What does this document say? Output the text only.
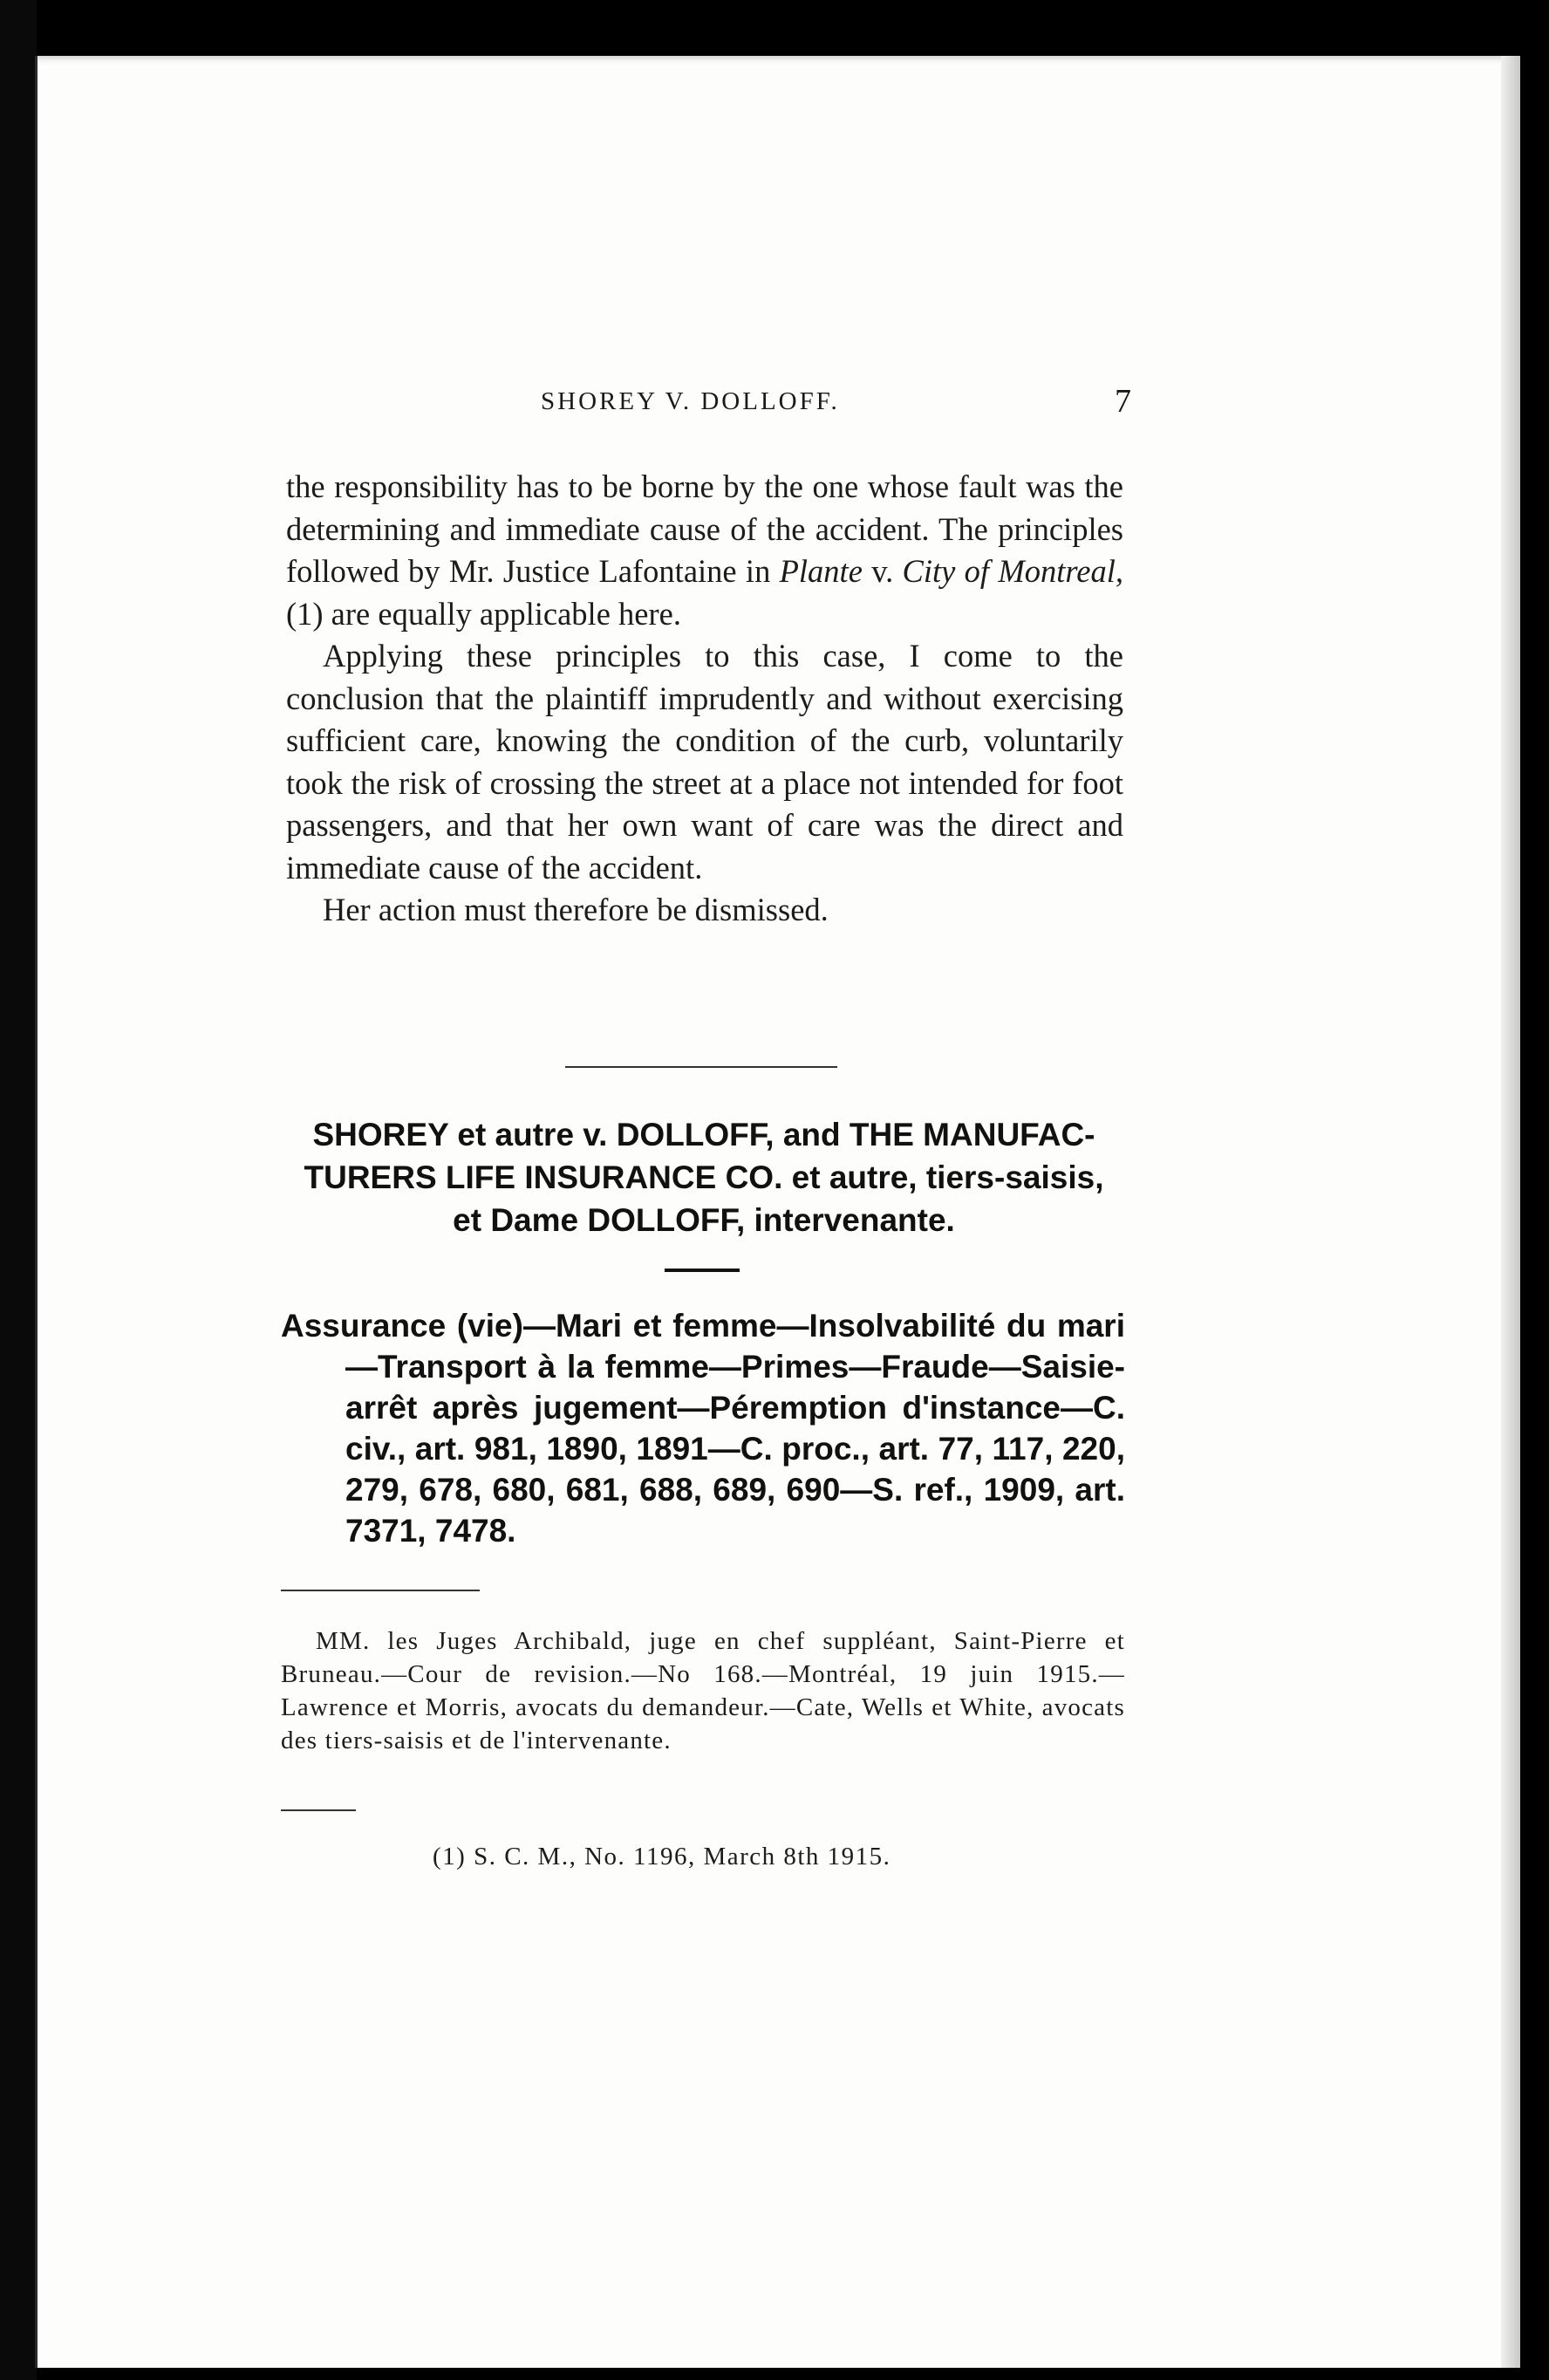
SHOREY V. DOLLOFF.	7

the responsibility has to be borne by the one whose fault was the determining and immediate cause of the accident. The principles followed by Mr. Justice Lafontaine in Plante v. City of Montreal, (1) are equally applicable here.

Applying these principles to this case, I come to the conclusion that the plaintiff imprudently and without exercising sufficient care, knowing the condition of the curb, voluntarily took the risk of crossing the street at a place not intended for foot passengers, and that her own want of care was the direct and immediate cause of the accident.

Her action must therefore be dismissed.

SHOREY et autre v. DOLLOFF, and THE MANUFAC-
TURERS LIFE INSURANCE CO. et autre, tiers-saisis,
et Dame DOLLOFF, intervenante.
Assurance (vie)—Mari et femme—Insolvabilité du mari—Transport à la femme—Primes—Fraude—Saisie-arrêt après jugement—Péremption d'instance—C. civ., art. 981, 1890, 1891—C. proc., art. 77, 117, 220, 279, 678, 680, 681, 688, 689, 690—S. ref., 1909, art. 7371, 7478.

MM. les Juges Archibald, juge en chef suppléant, Saint-Pierre et Bruneau.—Cour de revision.—No 168.—Montréal, 19 juin 1915.—Lawrence et Morris, avocats du demandeur.—Cate, Wells et White, avocats des tiers-saisis et de l'intervenante.

(1) S. C. M., No. 1196, March 8th 1915.
